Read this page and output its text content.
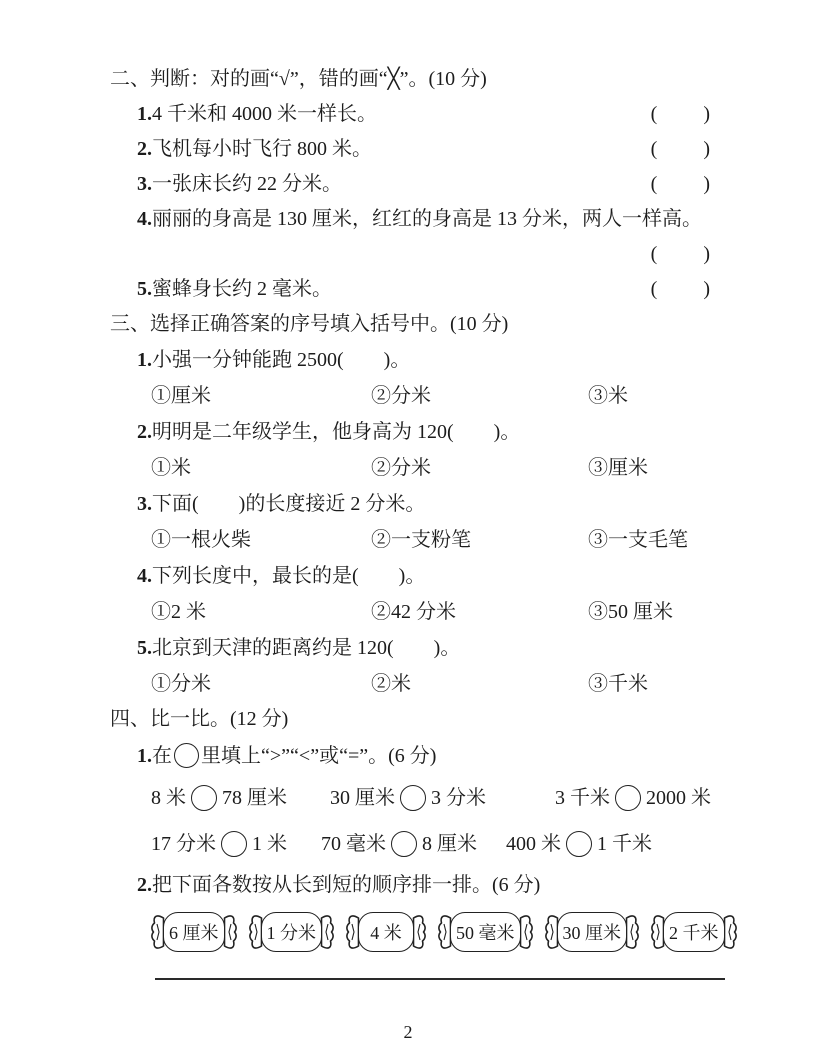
二、判断：对的画“√”，错的画“╳”。(10 分)
1.4 千米和 4000 米一样长。	(　　)
2.飞机每小时飞行 800 米。	(　　)
3.一张床长约 22 分米。	(　　)
4.丽丽的身高是 130 厘米，红红的身高是 13 分米，两人一样高。
(　　)
5.蜜蜂身长约 2 毫米。	(　　)
三、选择正确答案的序号填入括号中。(10 分)
1.小强一分钟能跑 2500(　　)。
①厘米	②分米	③米
2.明明是二年级学生，他身高为 120(　　)。
①米	②分米	③厘米
3.下面(　　)的长度接近 2 分米。
①一根火柴	②一支粉笔	③一支毛笔
4.下列长度中，最长的是(　　)。
①2 米	②42 分米	③50 厘米
5.北京到天津的距离约是 120(　　)。
①分米	②米	③千米
四、比一比。(12 分)
1.在 里填上“>”“<”或“=”。(6 分)
8 米 78 厘米 30 厘米 3 分米	3 千米 2000 米
17 分米 1 米 70 毫米 8 厘米 400 米 1 千米
2.把下面各数按从长到短的顺序排一排。(6 分)
6 厘米	1 分米	4 米	50 毫米	30 厘米	2 千米
2
